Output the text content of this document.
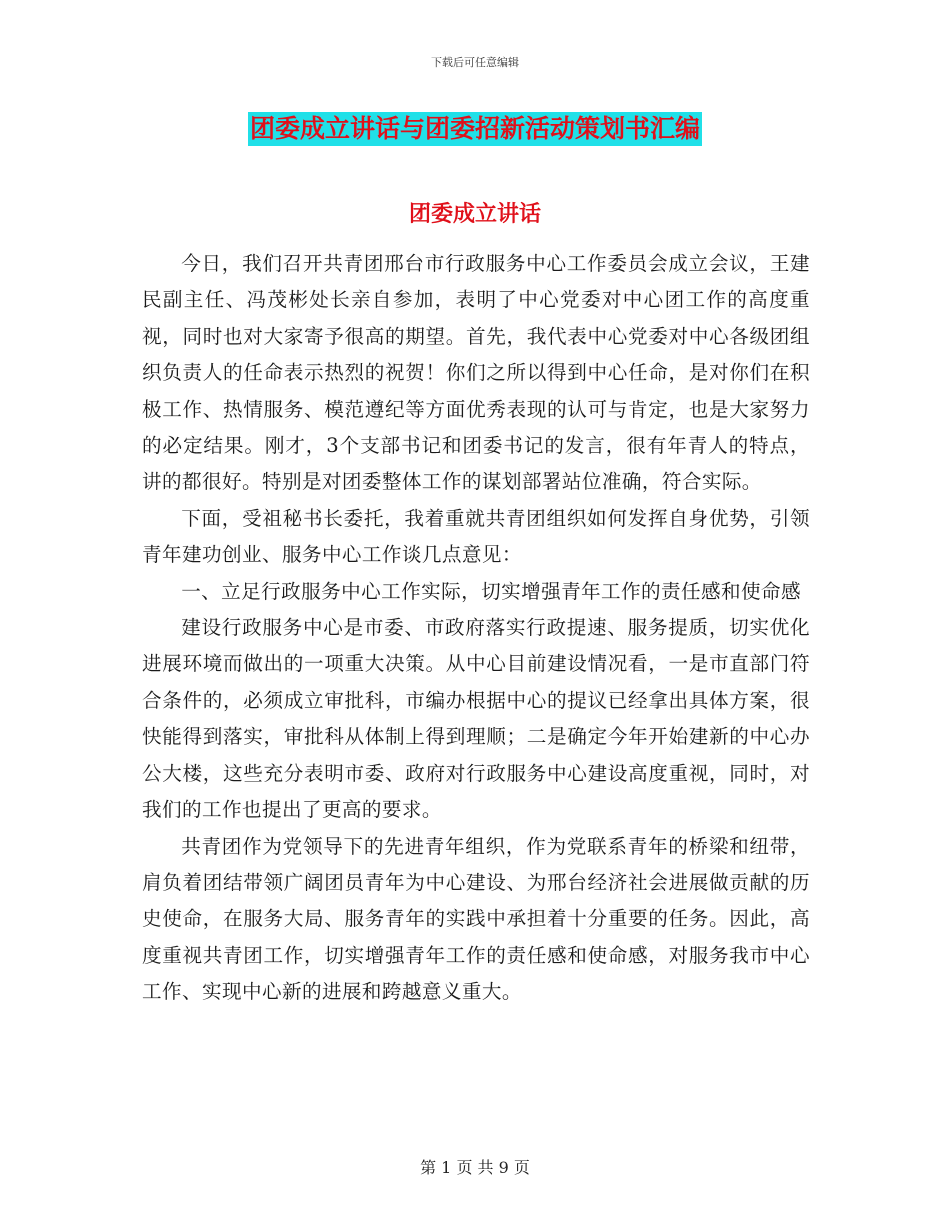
下载后可任意编辑
团委成立讲话与团委招新活动策划书汇编
团委成立讲话

今日，我们召开共青团邢台市行政服务中心工作委员会成立会议，王建民副主任、冯茂彬处长亲自参加，表明了中心党委对中心团工作的高度重视，同时也对大家寄予很高的期望。首先，我代表中心党委对中心各级团组织负责人的任命表示热烈的祝贺！你们之所以得到中心任命，是对你们在积极工作、热情服务、模范遵纪等方面优秀表现的认可与肯定，也是大家努力的必定结果。刚才，3个支部书记和团委书记的发言，很有年青人的特点，讲的都很好。特别是对团委整体工作的谋划部署站位准确，符合实际。

下面，受祖秘书长委托，我着重就共青团组织如何发挥自身优势，引领青年建功创业、服务中心工作谈几点意见：

一、立足行政服务中心工作实际，切实增强青年工作的责任感和使命感

建设行政服务中心是市委、市政府落实行政提速、服务提质，切实优化进展环境而做出的一项重大决策。从中心目前建设情况看，一是市直部门符合条件的，必须成立审批科，市编办根据中心的提议已经拿出具体方案，很快能得到落实，审批科从体制上得到理顺；二是确定今年开始建新的中心办公大楼，这些充分表明市委、政府对行政服务中心建设高度重视，同时，对我们的工作也提出了更高的要求。

共青团作为党领导下的先进青年组织，作为党联系青年的桥梁和纽带，肩负着团结带领广阔团员青年为中心建设、为邢台经济社会进展做贡献的历史使命，在服务大局、服务青年的实践中承担着十分重要的任务。因此，高度重视共青团工作，切实增强青年工作的责任感和使命感，对服务我市中心工作、实现中心新的进展和跨越意义重大。

第 1 页 共 9 页
